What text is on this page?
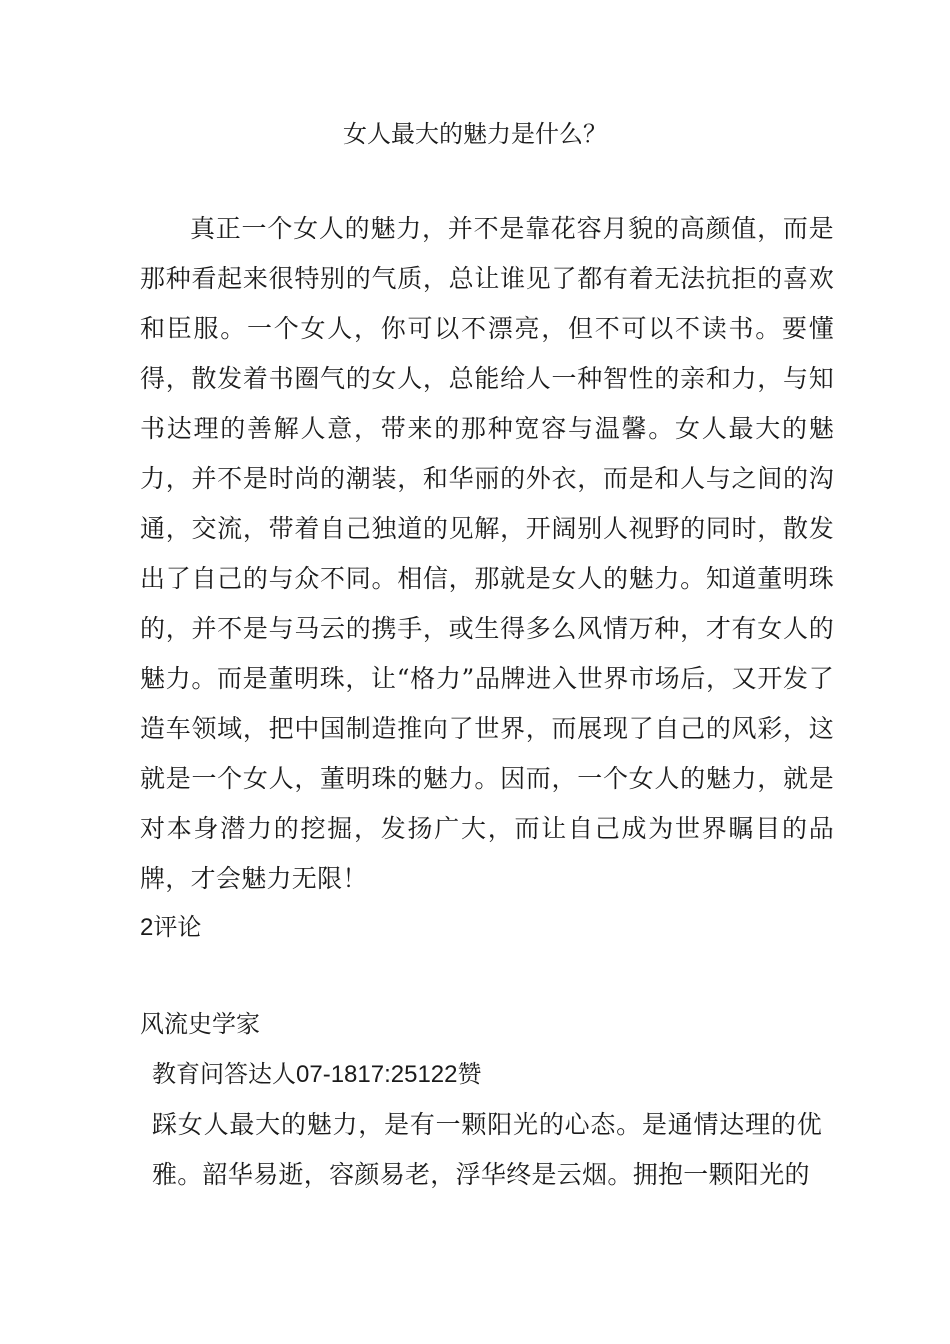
女人最大的魅力是什么？

真正一个女人的魅力，并不是靠花容月貌的高颜值，而是那种看起来很特别的气质，总让谁见了都有着无法抗拒的喜欢和臣服。一个女人，你可以不漂亮，但不可以不读书。要懂得，散发着书圈气的女人，总能给人一种智性的亲和力，与知书达理的善解人意，带来的那种宽容与温馨。女人最大的魅力，并不是时尚的潮装，和华丽的外衣，而是和人与之间的沟通，交流，带着自己独道的见解，开阔别人视野的同时，散发出了自己的与众不同。相信，那就是女人的魅力。知道董明珠的，并不是与马云的携手，或生得多么风情万种，才有女人的魅力。而是董明珠，让“格力”品牌进入世界市场后，又开发了造车领域，把中国制造推向了世界，而展现了自己的风彩，这就是一个女人，董明珠的魅力。因而，一个女人的魅力，就是对本身潜力的挖掘，发扬广大，而让自己成为世界瞩目的品牌，才会魅力无限！

2评论
风流史学家
教育问答达人07-1817:25122赞

踩女人最大的魅力，是有一颗阳光的心态。是通情达理的优雅。韶华易逝，容颜易老，浮华终是云烟。拥抱一颗阳光的
